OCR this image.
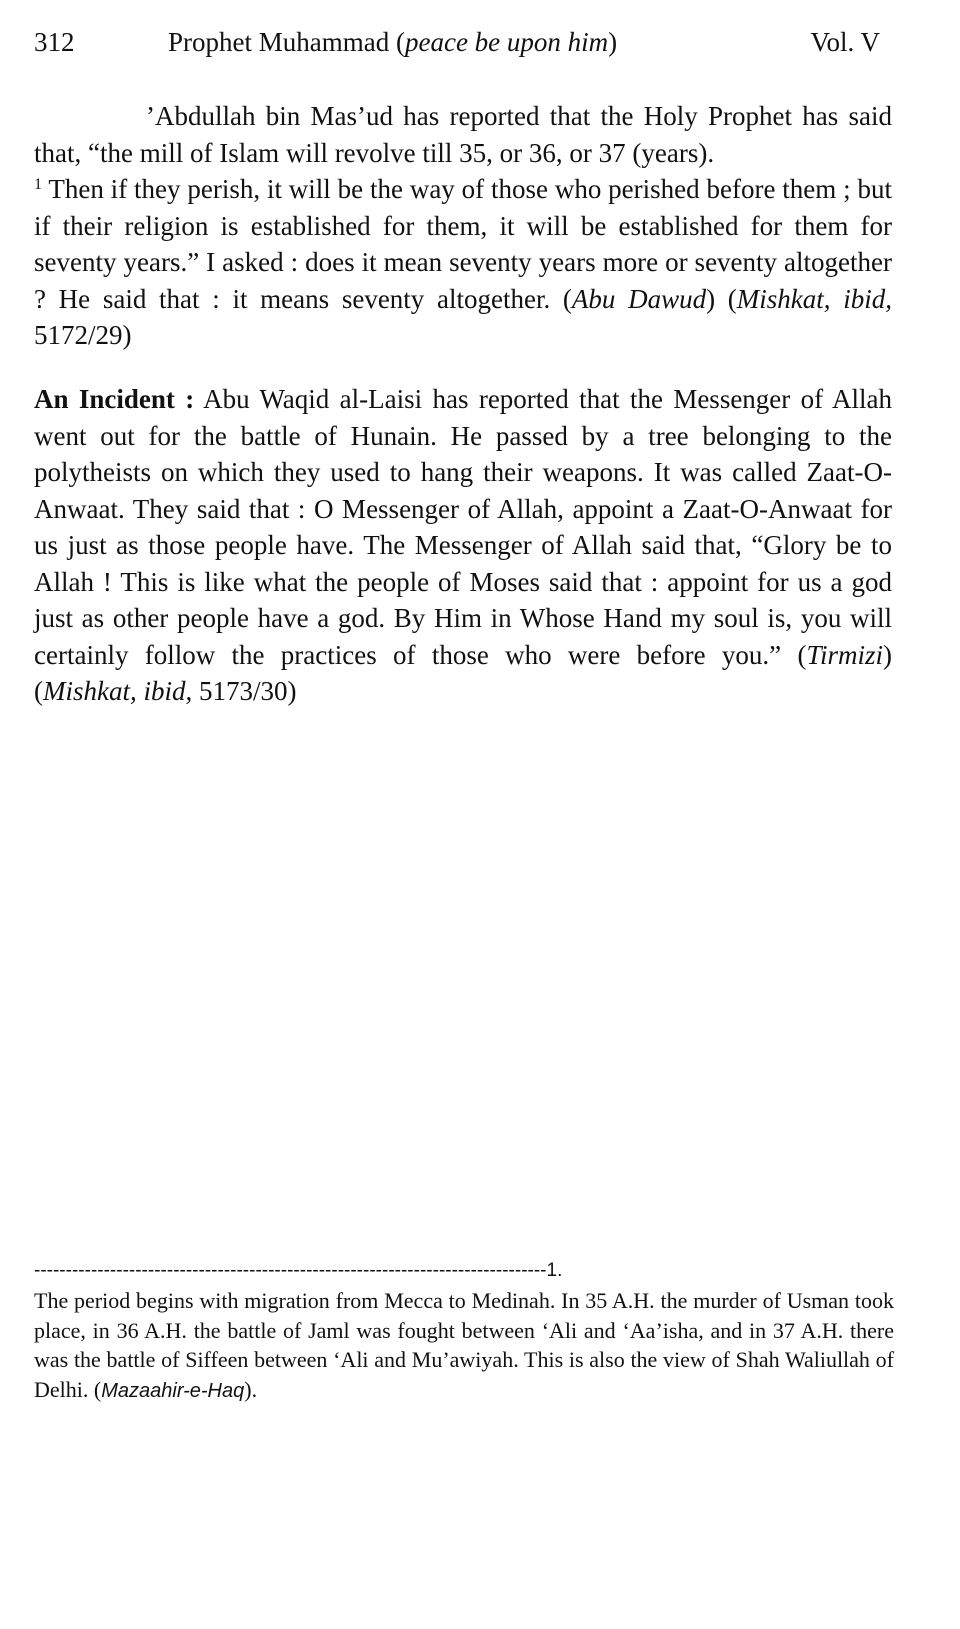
312	Prophet Muhammad (peace be upon him)	Vol. V

’Abdullah bin Mas’ud has reported that the Holy Prophet has said that, “the mill of Islam will revolve till 35, or 36, or 37 (years).
$^1$ Then if they perish, it will be the way of those who perished before them ; but if their religion is established for them, it will be established for them for seventy years.” I asked : does it mean seventy years more or seventy altogether ? He said that : it means seventy altogether. (Abu Dawud) (Mishkat, ibid, 5172/29)

An Incident : Abu Waqid al-Laisi has reported that the Messenger of Allah went out for the battle of Hunain. He passed by a tree belonging to the polytheists on which they used to hang their weapons. It was called Zaat-O-Anwaat. They said that : O Messenger of Allah, appoint a Zaat-O-Anwaat for us just as those people have. The Messenger of Allah said that, “Glory be to Allah ! This is like what the people of Moses said that : appoint for us a god just as other people have a god. By Him in Whose Hand my soul is, you will certainly follow the practices of those who were before you.” (Tirmizi) (Mishkat, ibid, 5173/30)

---------------------------------------------------------------------------------1.

The period begins with migration from Mecca to Medinah. In 35 A.H. the murder of Usman took place, in 36 A.H. the battle of Jaml was fought between ‘Ali and ‘Aa’isha, and in 37 A.H. there was the battle of Siffeen between ‘Ali and Mu’awiyah. This is also the view of Shah Waliullah of Delhi. (Mazaahir-e-Haq).
